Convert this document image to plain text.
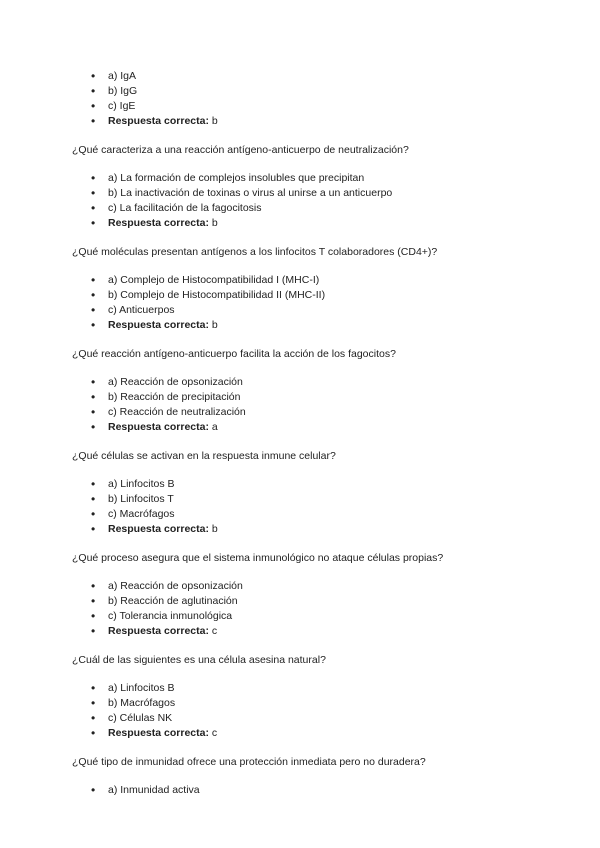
• a) IgA
• b) IgG
• c) IgE
• Respuesta correcta: b

¿Qué caracteriza a una reacción antígeno-anticuerpo de neutralización?

• a) La formación de complejos insolubles que precipitan
• b) La inactivación de toxinas o virus al unirse a un anticuerpo
• c) La facilitación de la fagocitosis
• Respuesta correcta: b

¿Qué moléculas presentan antígenos a los linfocitos T colaboradores (CD4+)?

• a) Complejo de Histocompatibilidad I (MHC-I)
• b) Complejo de Histocompatibilidad II (MHC-II)
• c) Anticuerpos
• Respuesta correcta: b

¿Qué reacción antígeno-anticuerpo facilita la acción de los fagocitos?

• a) Reacción de opsonización
• b) Reacción de precipitación
• c) Reacción de neutralización
• Respuesta correcta: a

¿Qué células se activan en la respuesta inmune celular?

• a) Linfocitos B
• b) Linfocitos T
• c) Macrófagos
• Respuesta correcta: b

¿Qué proceso asegura que el sistema inmunológico no ataque células propias?

• a) Reacción de opsonización
• b) Reacción de aglutinación
• c) Tolerancia inmunológica
• Respuesta correcta: c

¿Cuál de las siguientes es una célula asesina natural?

• a) Linfocitos B
• b) Macrófagos
• c) Células NK
• Respuesta correcta: c

¿Qué tipo de inmunidad ofrece una protección inmediata pero no duradera?

• a) Inmunidad activa
